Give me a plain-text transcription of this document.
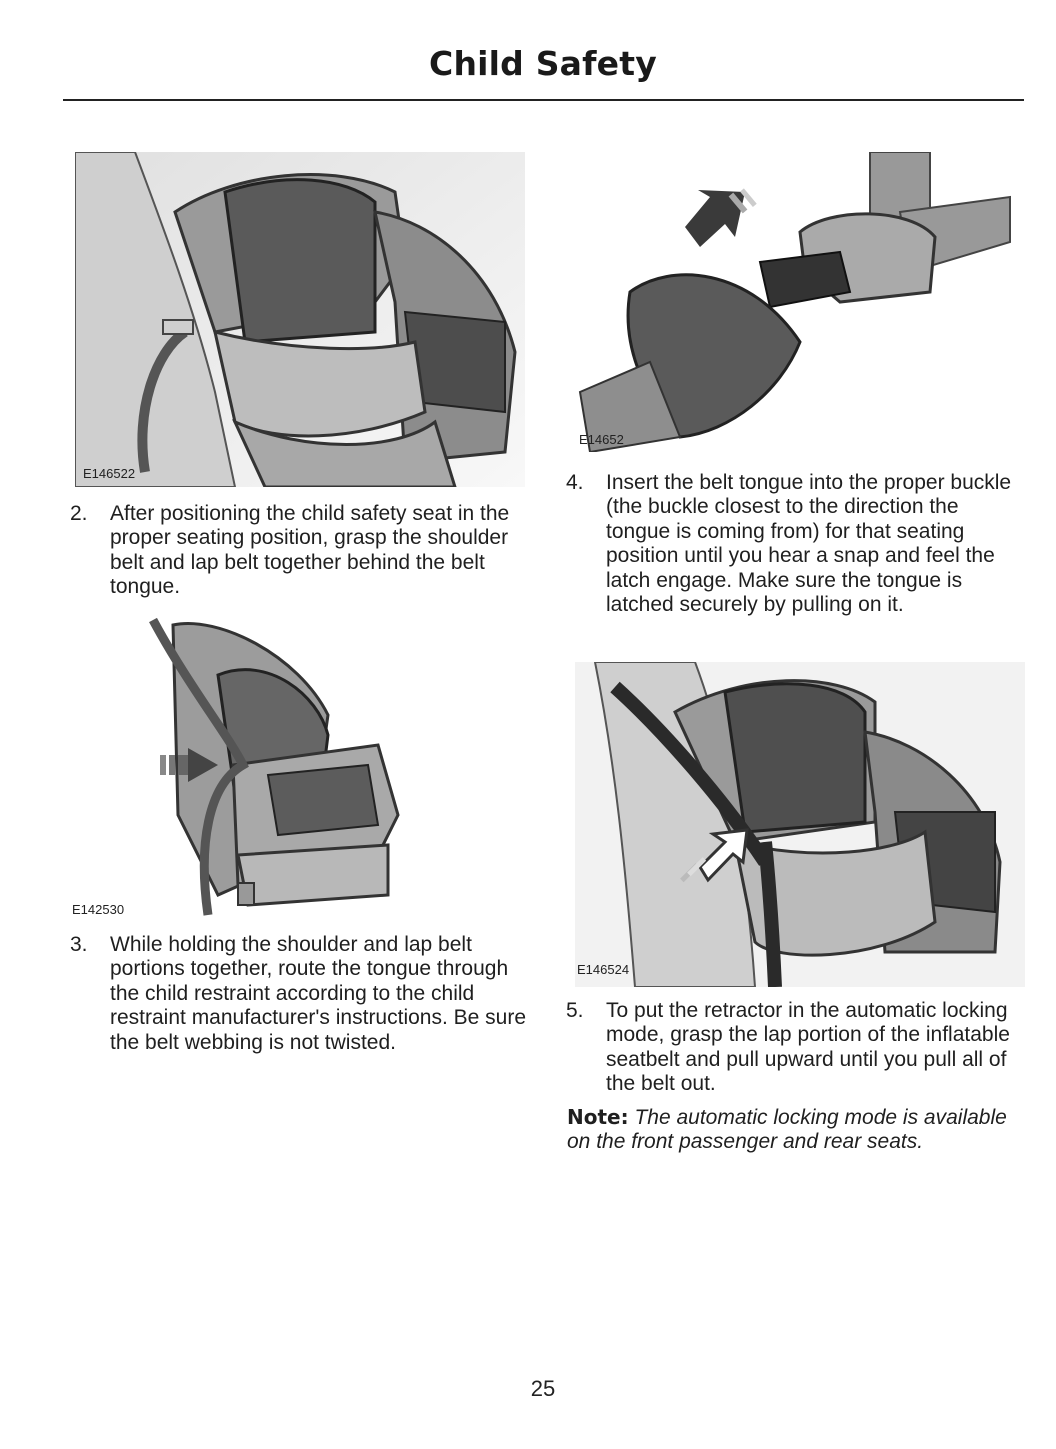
Child Safety
E146522
2. After positioning the child safety seat in the proper seating position, grasp the shoulder belt and lap belt together behind the belt tongue.
E142530
3. While holding the shoulder and lap belt portions together, route the tongue through the child restraint according to the child restraint manufacturer's instructions. Be sure the belt webbing is not twisted.
E14652
4. Insert the belt tongue into the proper buckle (the buckle closest to the direction the tongue is coming from) for that seating position until you hear a snap and feel the latch engage. Make sure the tongue is latched securely by pulling on it.
E146524
5. To put the retractor in the automatic locking mode, grasp the lap portion of the inflatable seatbelt and pull upward until you pull all of the belt out.
Note: The automatic locking mode is available on the front passenger and rear seats.
25
